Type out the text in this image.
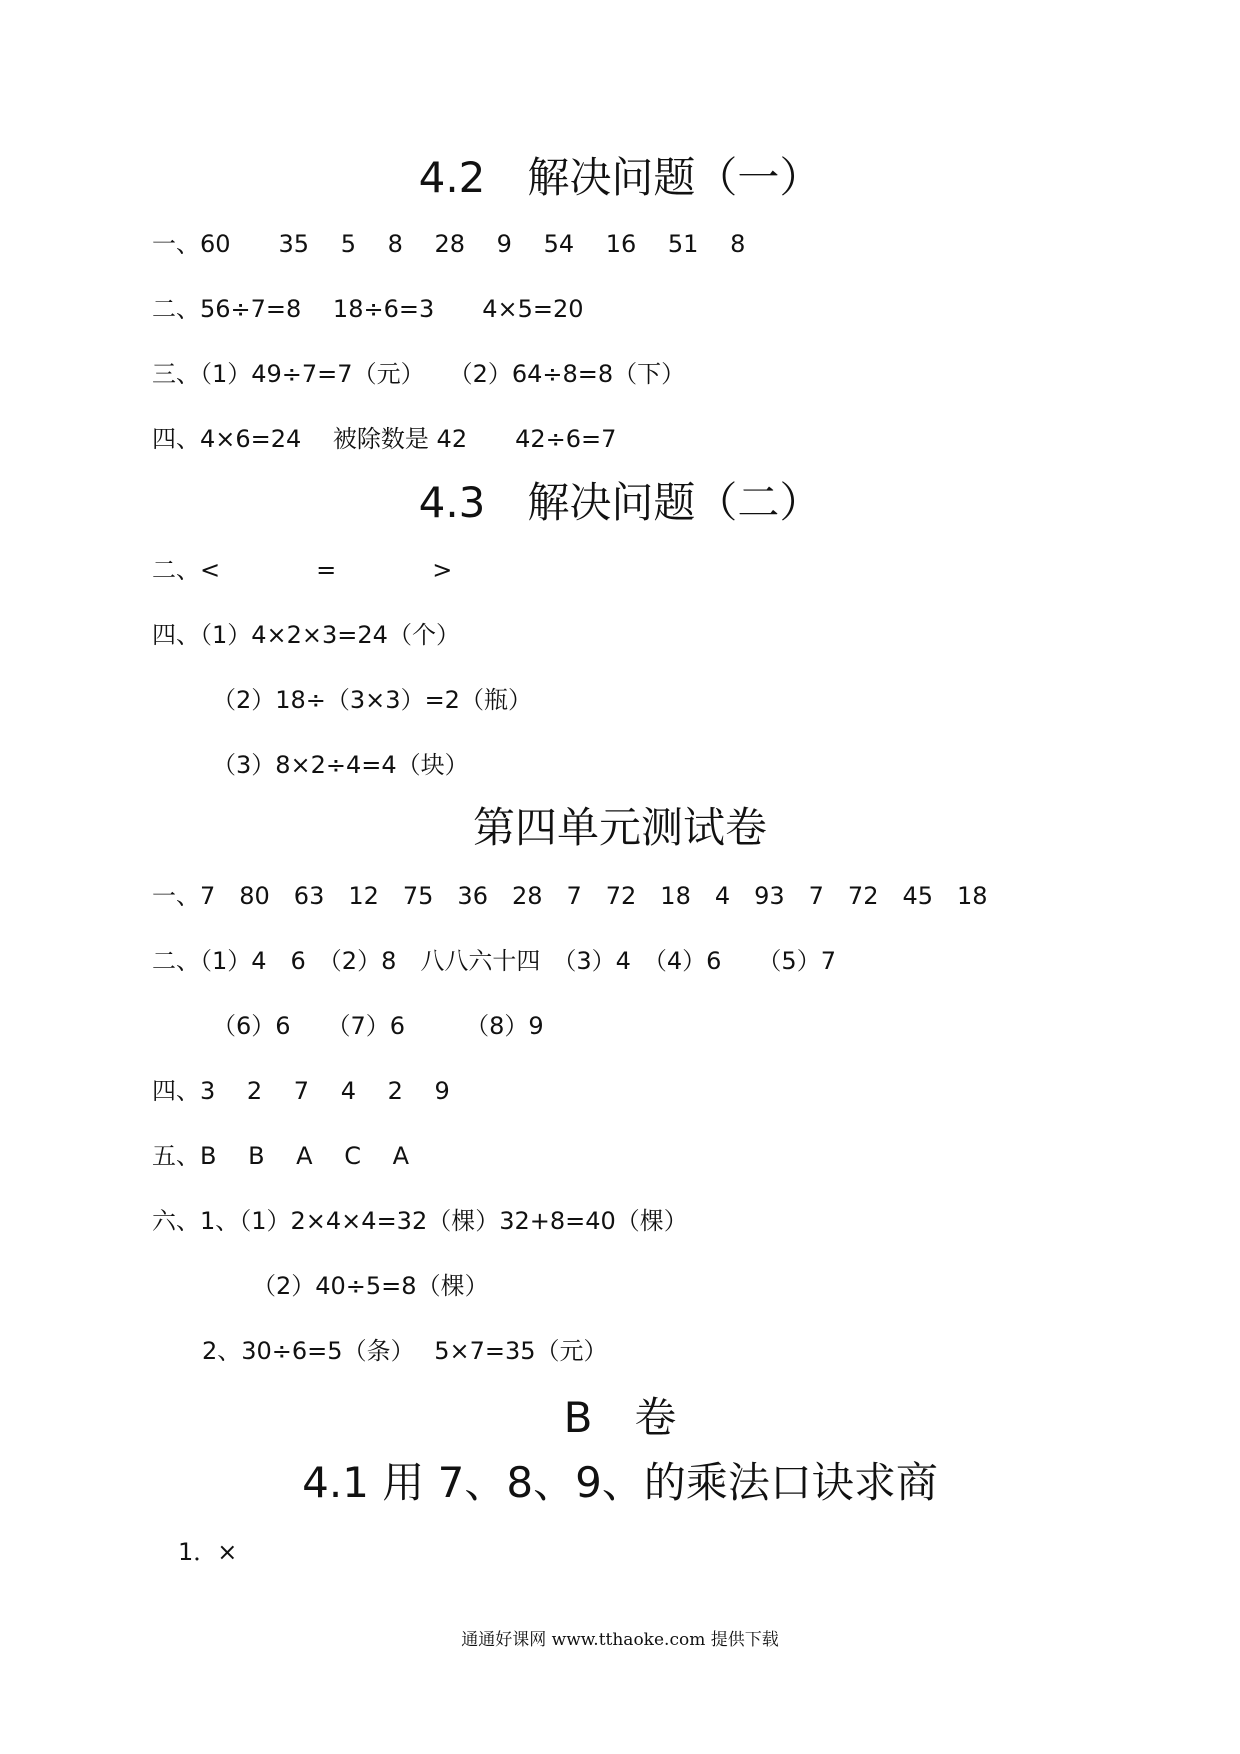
4.2　解决问题（一）
一、60　　35　 5　 8　 28　 9　 54　 16　 51　 8
二、56÷7=8　 18÷6=3　　4×5=20
三、（1）49÷7=7（元）　　（2）64÷8=8（下）
四、4×6=24　 被除数是 42　　42÷6=7
4.3　解决问题（二）
二、<　　　　=　　　　>
四、（1）4×2×3=24（个）
（2）18÷（3×3）=2（瓶）
（3）8×2÷4=4（块）
第四单元测试卷
一、7　80　63　12　75　36　28　7　72　18　4　93　7　72　45　18
二、（1）4　6　（2）8　八八六十四　（3）4　（4）6　　（5）7
（6）6　　（7）6　　　（8）9
四、3　 2　 7　 4　 2　 9
五、B　 B　 A　 C　 A
六、1、（1）2×4×4=32（棵）32+8=40（棵）
（2）40÷5=8（棵）
2、30÷6=5（条）　 5×7=35（元）
B　卷
4.1 用 7、8、9、的乘法口诀求商
1．×
通通好课网 www.tthaoke.com 提供下载
